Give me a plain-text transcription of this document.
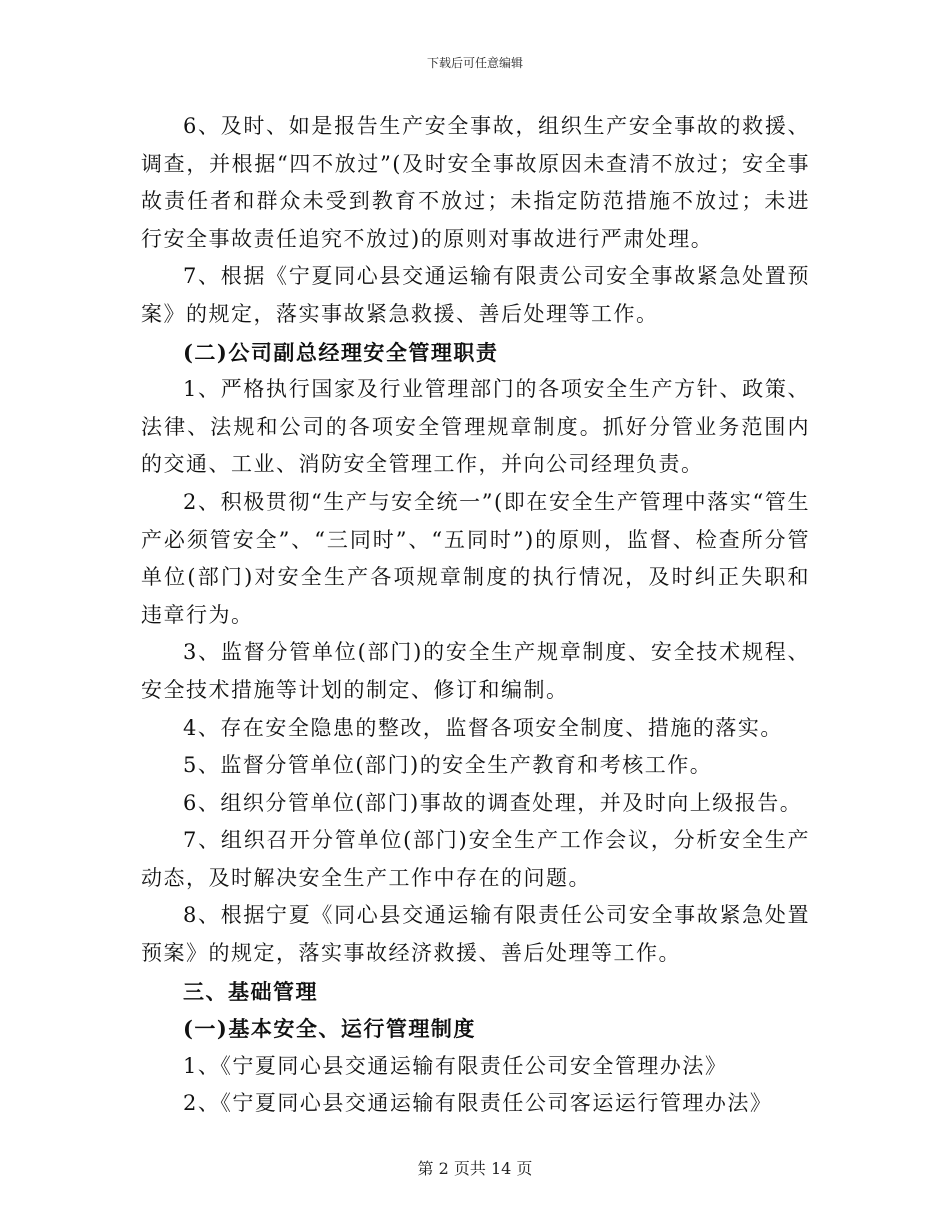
下载后可任意编辑

6、及时、如是报告生产安全事故，组织生产安全事故的救援、调查，并根据“四不放过”(及时安全事故原因未查清不放过；安全事故责任者和群众未受到教育不放过；未指定防范措施不放过；未进行安全事故责任追究不放过)的原则对事故进行严肃处理。

7、根据《宁夏同心县交通运输有限责公司安全事故紧急处置预案》的规定，落实事故紧急救援、善后处理等工作。

(二)公司副总经理安全管理职责

1、严格执行国家及行业管理部门的各项安全生产方针、政策、法律、法规和公司的各项安全管理规章制度。抓好分管业务范围内的交通、工业、消防安全管理工作，并向公司经理负责。

2、积极贯彻“生产与安全统一”(即在安全生产管理中落实“管生产必须管安全”、“三同时”、“五同时”)的原则，监督、检查所分管单位(部门)对安全生产各项规章制度的执行情况，及时纠正失职和违章行为。

3、监督分管单位(部门)的安全生产规章制度、安全技术规程、安全技术措施等计划的制定、修订和编制。

4、存在安全隐患的整改，监督各项安全制度、措施的落实。

5、监督分管单位(部门)的安全生产教育和考核工作。

6、组织分管单位(部门)事故的调查处理，并及时向上级报告。

7、组织召开分管单位(部门)安全生产工作会议，分析安全生产动态，及时解决安全生产工作中存在的问题。

8、根据宁夏《同心县交通运输有限责任公司安全事故紧急处置预案》的规定，落实事故经济救援、善后处理等工作。

三、基础管理

(一)基本安全、运行管理制度

1、《宁夏同心县交通运输有限责任公司安全管理办法》

2、《宁夏同心县交通运输有限责任公司客运运行管理办法》

第 2 页共 14 页
